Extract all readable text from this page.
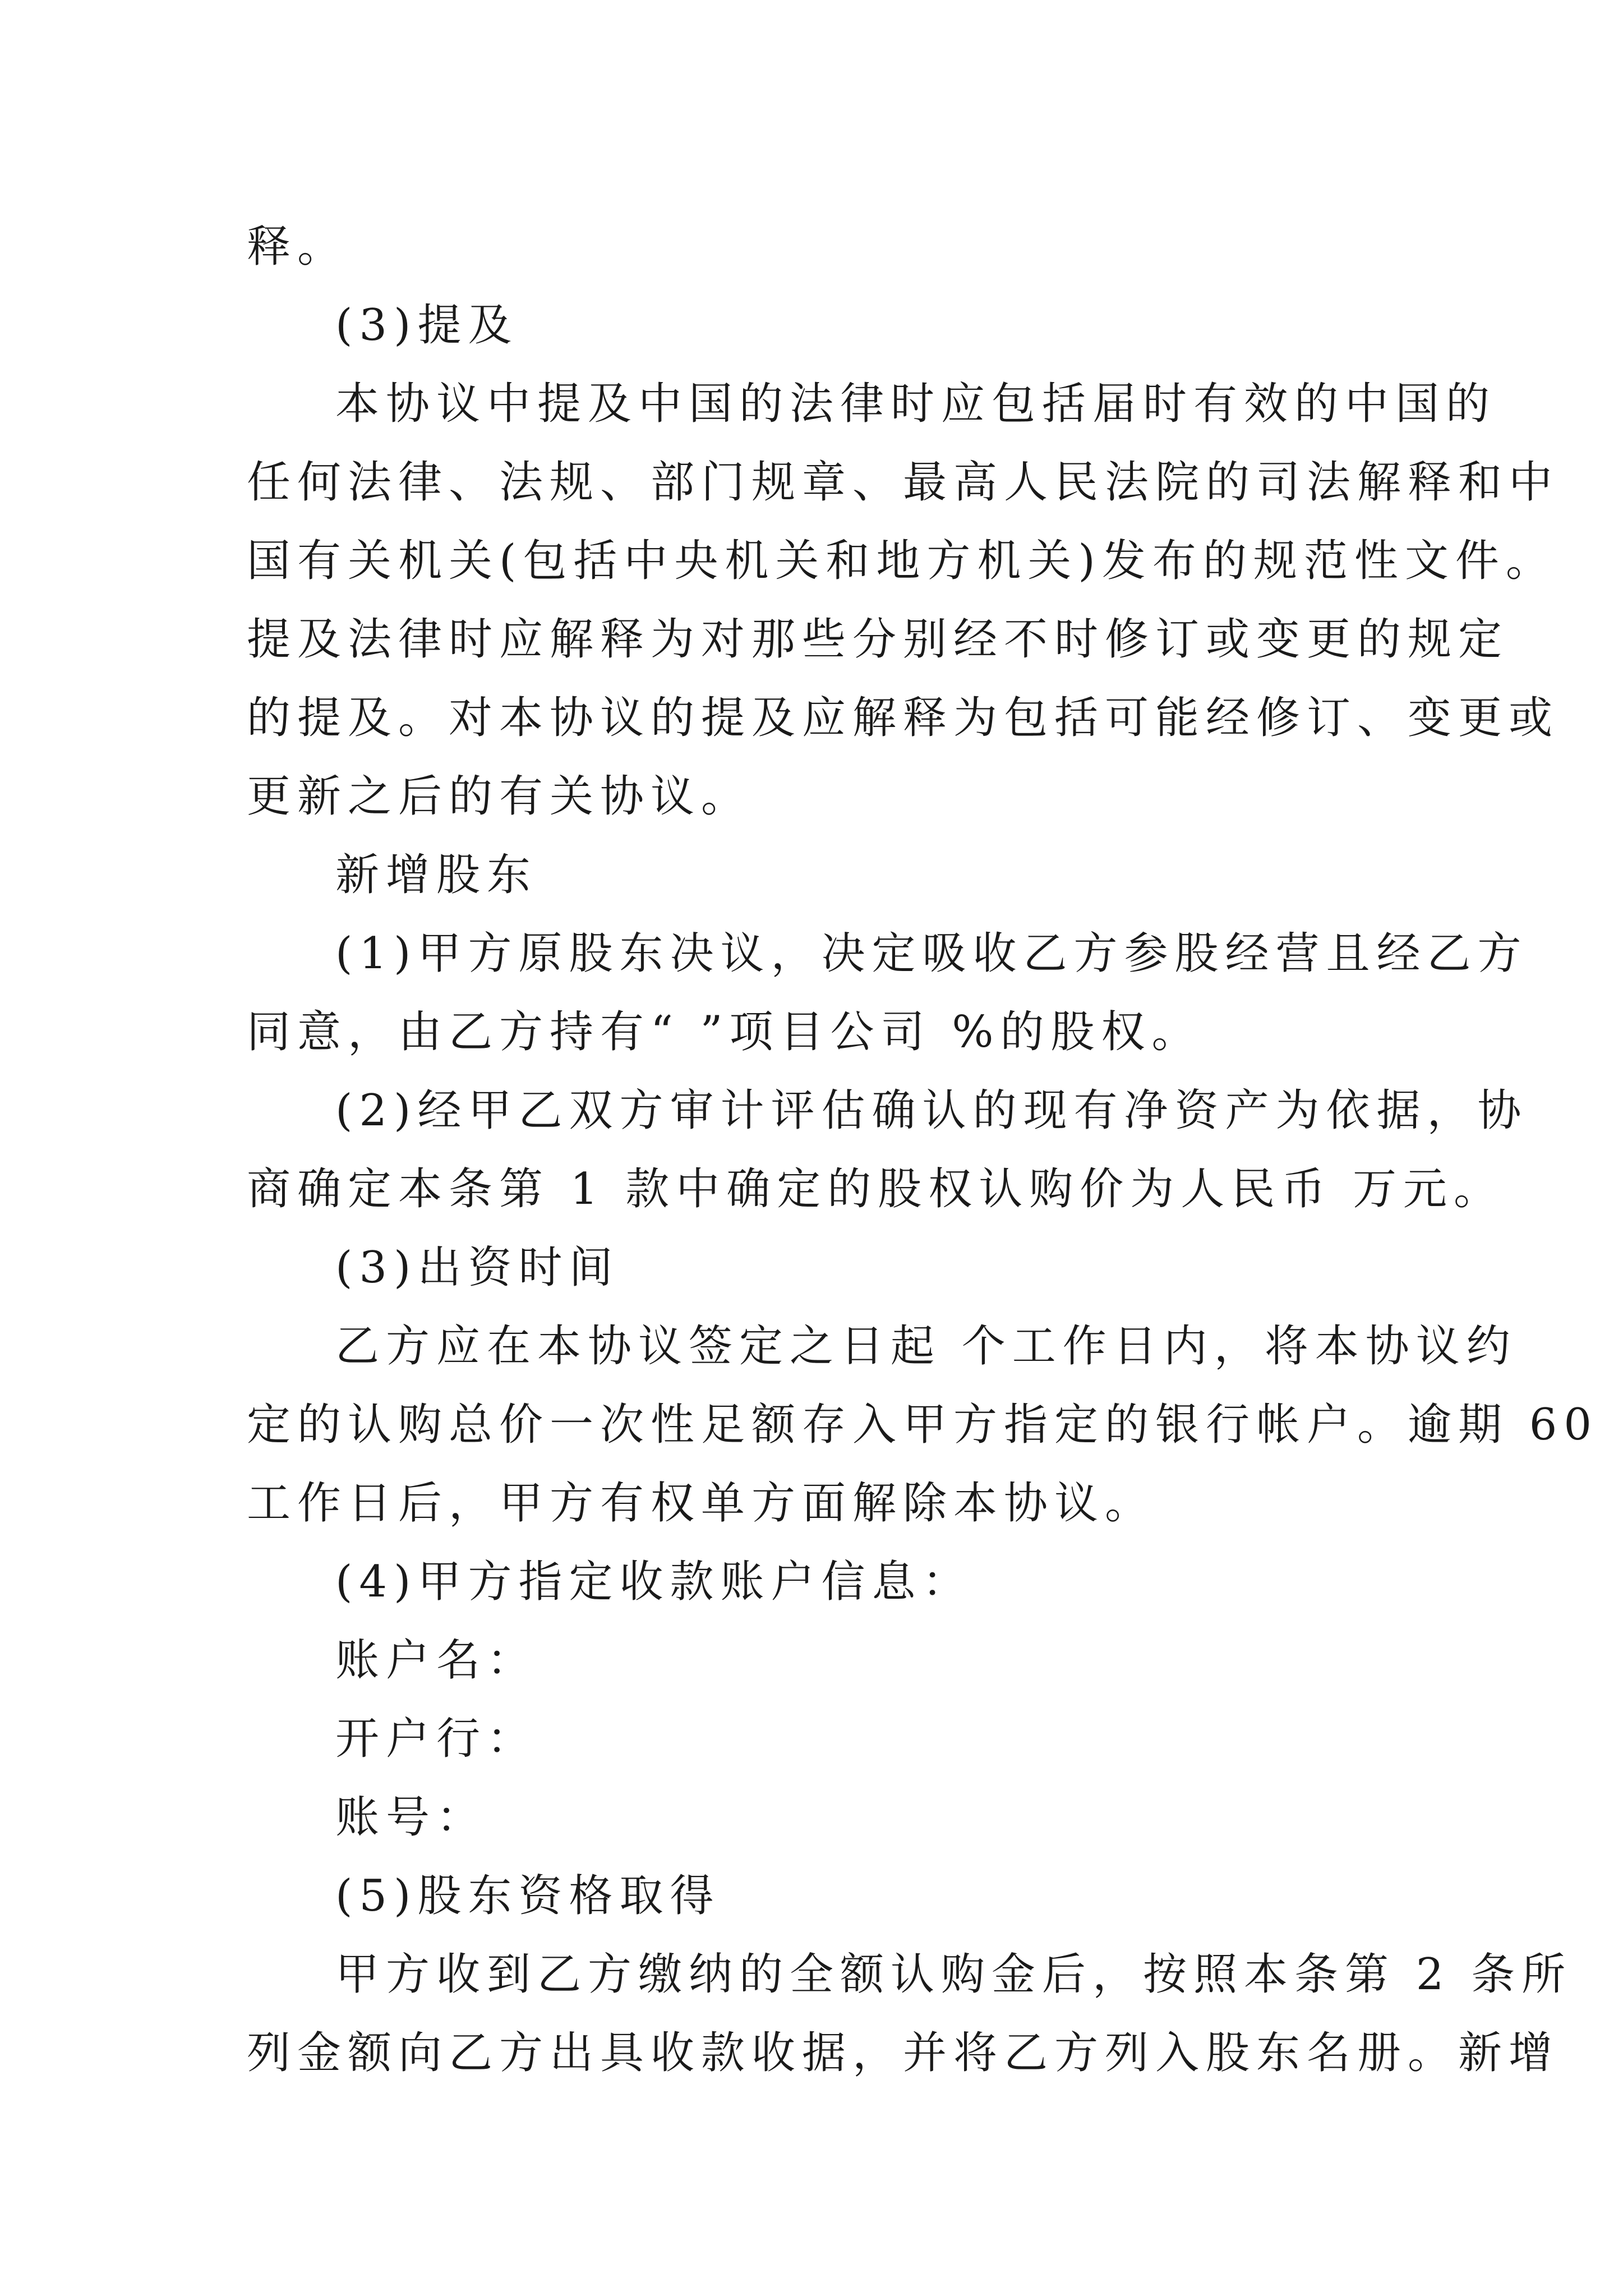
释。
(3)提及
本协议中提及中国的法律时应包括届时有效的中国的
任何法律、法规、部门规章、最高人民法院的司法解释和中
国有关机关(包括中央机关和地方机关)发布的规范性文件。
提及法律时应解释为对那些分别经不时修订或变更的规定
的提及。对本协议的提及应解释为包括可能经修订、变更或
更新之后的有关协议。
新增股东
(1)甲方原股东决议，决定吸收乙方参股经营且经乙方
同意，由乙方持有“ ”项目公司 %的股权。
(2)经甲乙双方审计评估确认的现有净资产为依据，协
商确定本条第 1 款中确定的股权认购价为人民币 万元。
(3)出资时间
乙方应在本协议签定之日起 个工作日内，将本协议约
定的认购总价一次性足额存入甲方指定的银行帐户。逾期 60
工作日后，甲方有权单方面解除本协议。
(4)甲方指定收款账户信息：
账户名：
开户行：
账号：
(5)股东资格取得
甲方收到乙方缴纳的全额认购金后，按照本条第 2 条所
列金额向乙方出具收款收据，并将乙方列入股东名册。新增
